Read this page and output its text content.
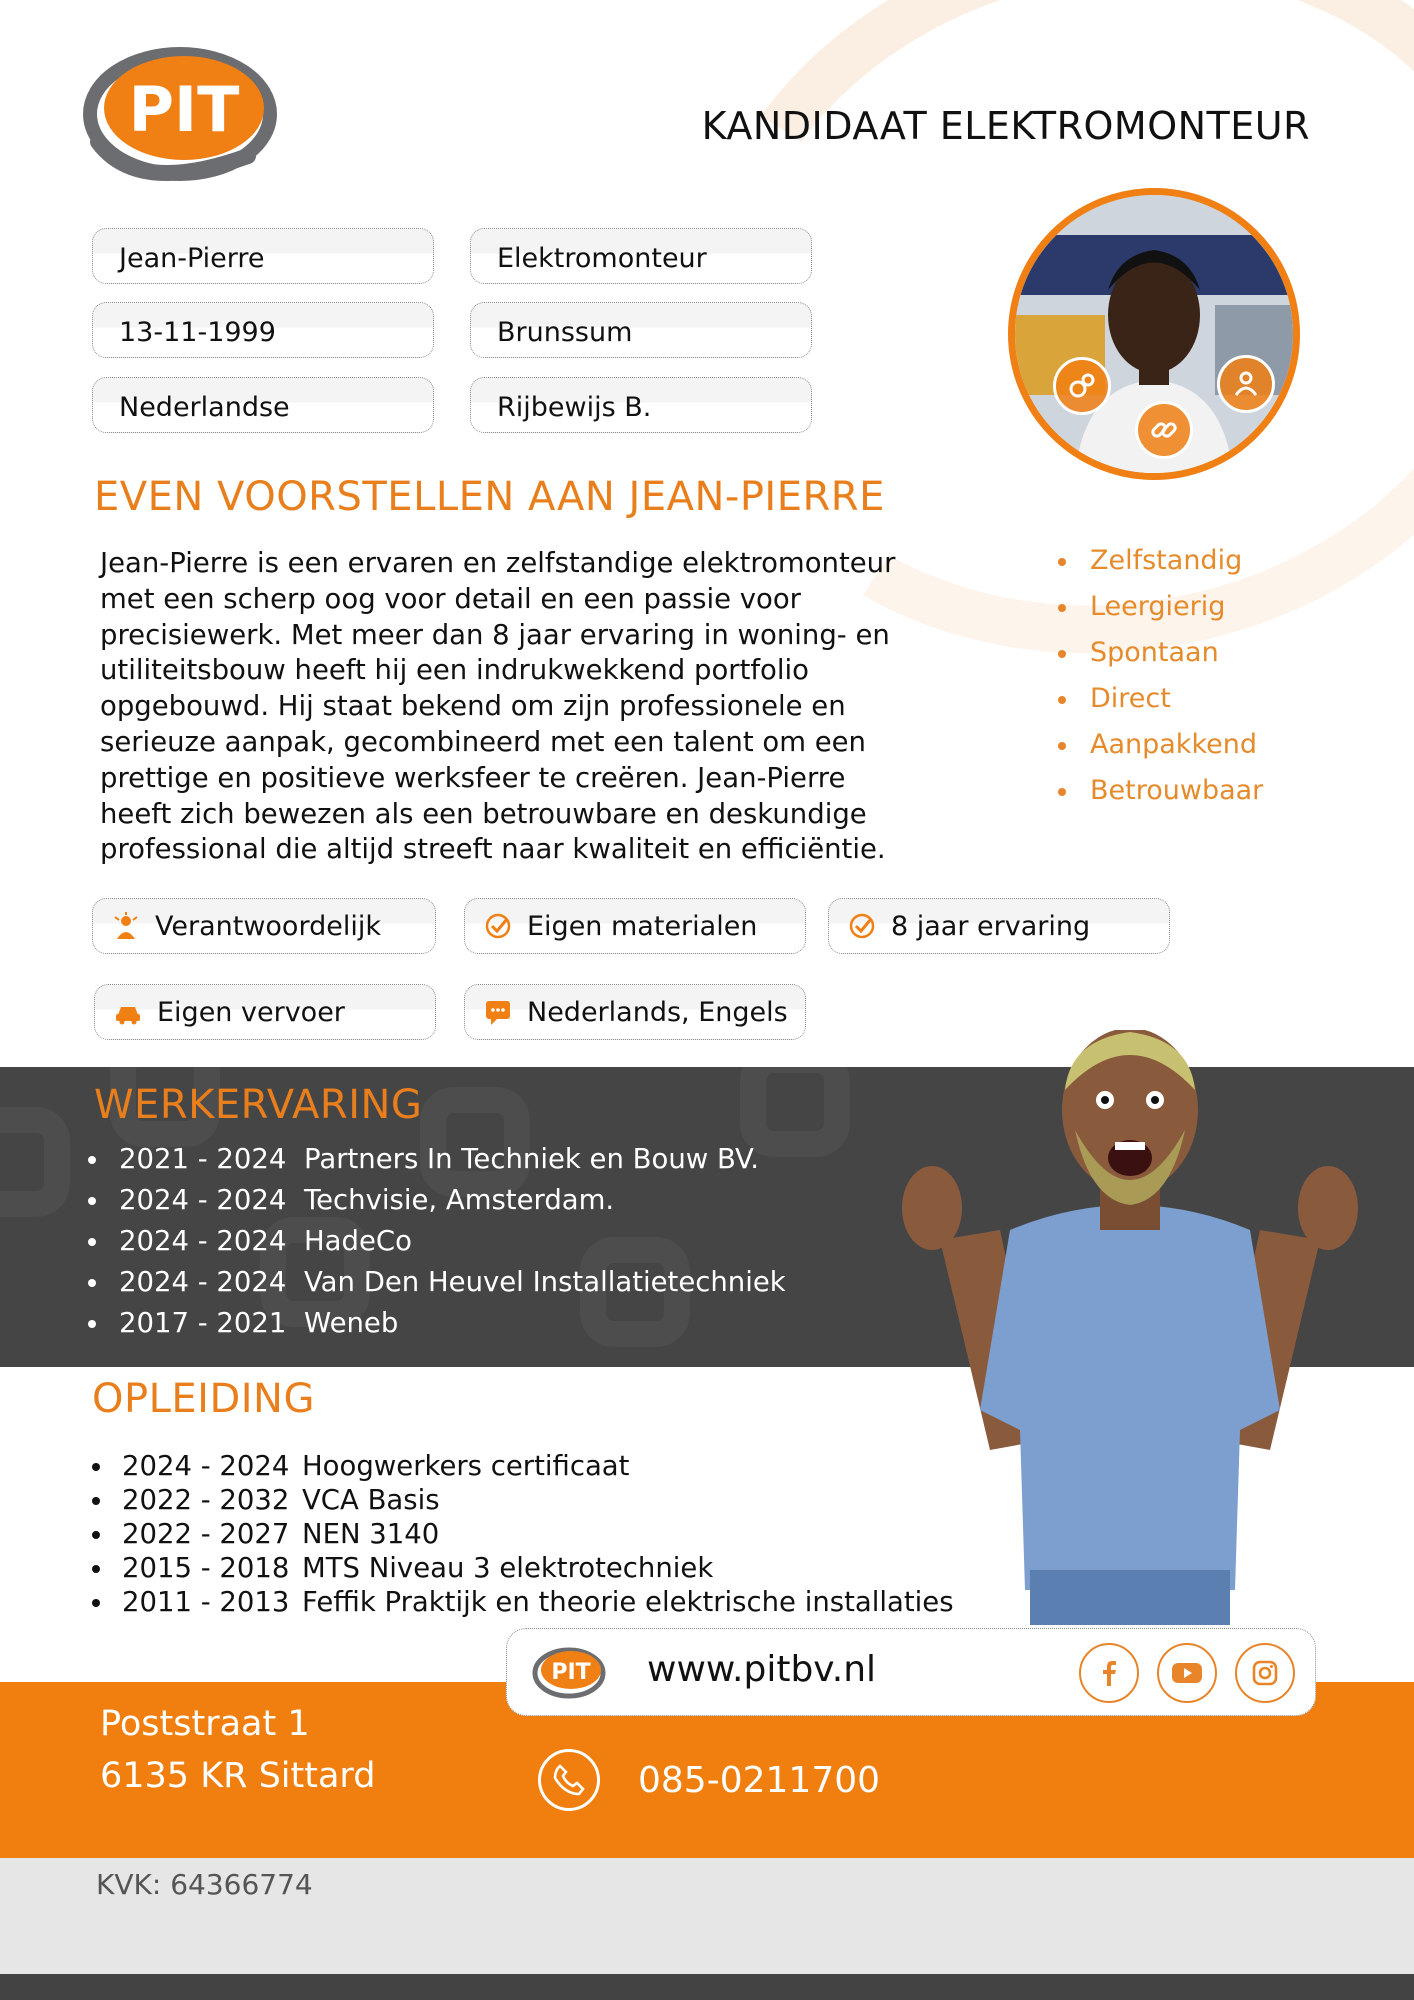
PIT	KANDIDAAT ELEKTROMONTEUR
Jean-Pierre	Elektromonteur
13-11-1999	Brunssum
Nederlandse	Rijbewijs B.
EVEN VOORSTELLEN AAN JEAN-PIERRE

Jean-Pierre is een ervaren en zelfstandige elektromonteur met een scherp oog voor detail en een passie voor precisiewerk. Met meer dan 8 jaar ervaring in woning- en utiliteitsbouw heeft hij een indrukwekkend portfolio opgebouwd. Hij staat bekend om zijn professionele en serieuze aanpak, gecombineerd met een talent om een prettige en positieve werksfeer te creëren. Jean-Pierre heeft zich bewezen als een betrouwbare en deskundige professional die altijd streeft naar kwaliteit en efficiëntie.

Zelfstandig
Leergierig
Spontaan
Direct
Aanpakkend
Betrouwbaar
Verantwoordelijk	Eigen materialen	8 jaar ervaring
Eigen vervoer	Nederlands, Engels
WERKERVARING
2021 - 2024 Partners In Techniek en Bouw BV.
2024 - 2024 Techvisie, Amsterdam.
2024 - 2024 HadeCo
2024 - 2024 Van Den Heuvel Installatietechniek
2017 - 2021 Weneb
OPLEIDING
2024 - 2024 Hoogwerkers certificaat
2022 - 2032 VCA Basis
2022 - 2027 NEN 3140
2015 - 2018 MTS Niveau 3 elektrotechniek
2011 - 2013 Feffik Praktijk en theorie elektrische installaties
Poststraat 1
6135 KR Sittard	085-0211700
PIT www.pitbv.nl
KVK: 64366774
